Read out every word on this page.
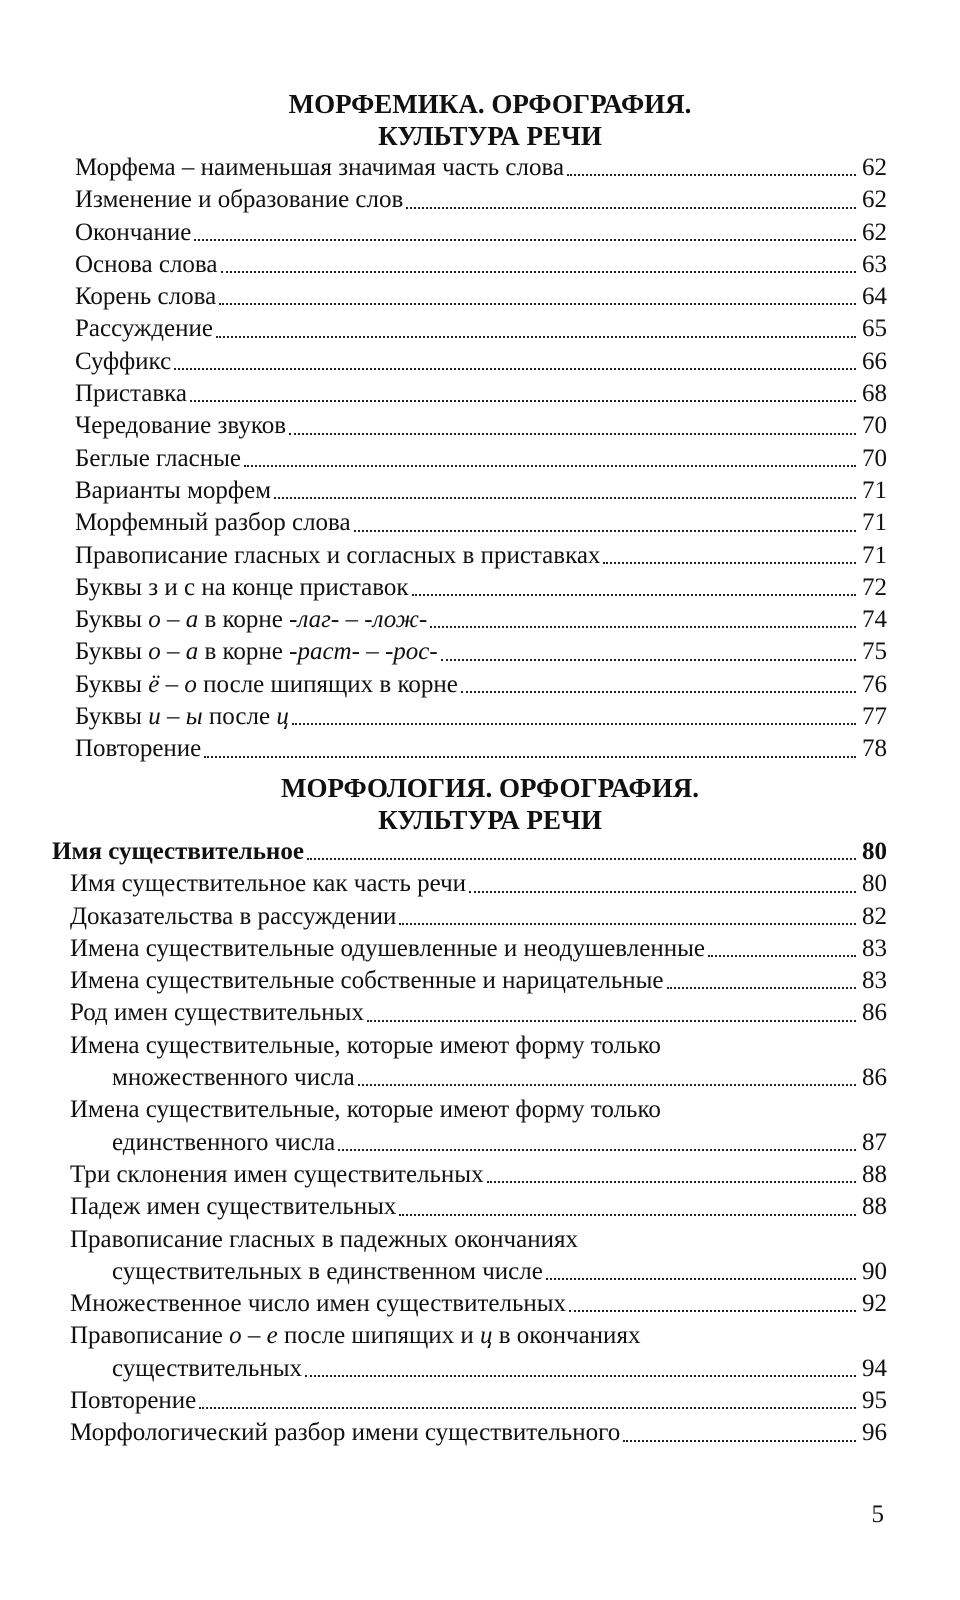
МОРФЕМИКА. ОРФОГРАФИЯ.
КУЛЬТУРА РЕЧИ
Морфема – наименьшая значимая часть слова	62
Изменение и образование слов	62
Окончание	62
Основа слова	63
Корень слова	64
Рассуждение	65
Суффикс	66
Приставка	68
Чередование звуков	70
Беглые гласные	70
Варианты морфем	71
Морфемный разбор слова	71
Правописание гласных и согласных в приставках	71
Буквы з и с на конце приставок	72
Буквы о – а в корне -лаг- – -лож-	74
Буквы о – а в корне -раст- – -рос-	75
Буквы ё – о после шипящих в корне	76
Буквы и – ы после ц	77
Повторение	78
МОРФОЛОГИЯ. ОРФОГРАФИЯ.
КУЛЬТУРА РЕЧИ
Имя существительное	80
Имя существительное как часть речи	80
Доказательства в рассуждении	82
Имена существительные одушевленные и неодушевленные	83
Имена существительные собственные и нарицательные	83
Род имен существительных	86
Имена существительные, которые имеют форму только
множественного числа	86
Имена существительные, которые имеют форму только
единственного числа	87
Три склонения имен существительных	88
Падеж имен существительных	88
Правописание гласных в падежных окончаниях
существительных в единственном числе	90
Множественное число имен существительных	92
Правописание о – е после шипящих и ц в окончаниях
существительных	94
Повторение	95
Морфологический разбор имени существительного	96
5
